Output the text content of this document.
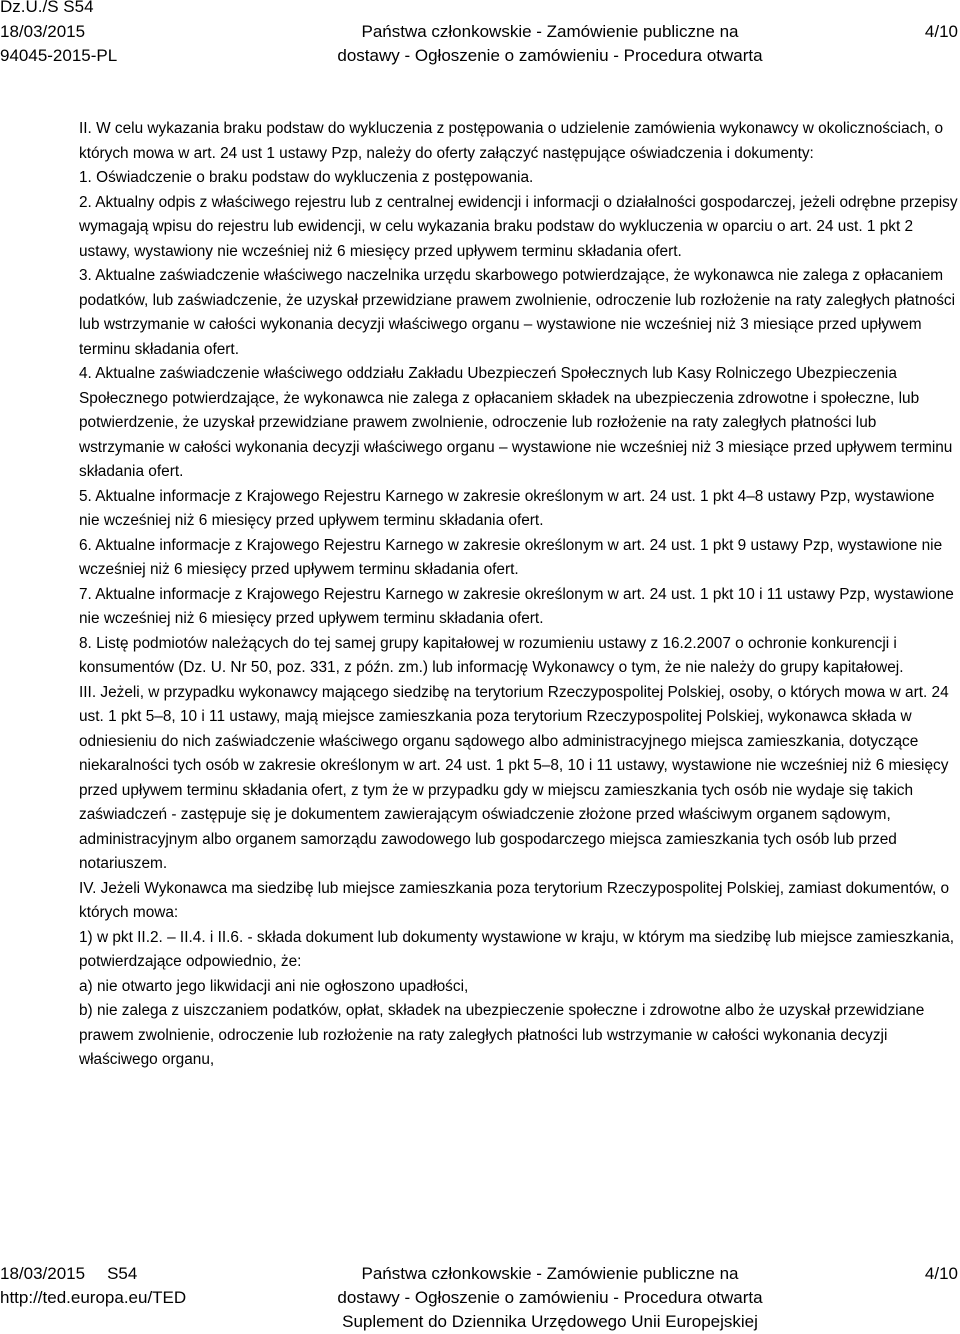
Dz.U./S S54
18/03/2015
94045-2015-PL
Państwa członkowskie - Zamówienie publiczne na
dostawy - Ogłoszenie o zamówieniu - Procedura otwarta
4/10

II. W celu wykazania braku podstaw do wykluczenia z postępowania o udzielenie zamówienia wykonawcy w okolicznościach, o których mowa w art. 24 ust 1 ustawy Pzp, należy do oferty załączyć następujące oświadczenia i dokumenty:

1. Oświadczenie o braku podstaw do wykluczenia z postępowania.

2. Aktualny odpis z właściwego rejestru lub z centralnej ewidencji i informacji o działalności gospodarczej, jeżeli odrębne przepisy wymagają wpisu do rejestru lub ewidencji, w celu wykazania braku podstaw do wykluczenia w oparciu o art. 24 ust. 1 pkt 2 ustawy, wystawiony nie wcześniej niż 6 miesięcy przed upływem terminu składania ofert.

3. Aktualne zaświadczenie właściwego naczelnika urzędu skarbowego potwierdzające, że wykonawca nie zalega z opłacaniem podatków, lub zaświadczenie, że uzyskał przewidziane prawem zwolnienie, odroczenie lub rozłożenie na raty zaległych płatności lub wstrzymanie w całości wykonania decyzji właściwego organu – wystawione nie wcześniej niż 3 miesiące przed upływem terminu składania ofert.

4. Aktualne zaświadczenie właściwego oddziału Zakładu Ubezpieczeń Społecznych lub Kasy Rolniczego Ubezpieczenia Społecznego potwierdzające, że wykonawca nie zalega z opłacaniem składek na ubezpieczenia zdrowotne i społeczne, lub potwierdzenie, że uzyskał przewidziane prawem zwolnienie, odroczenie lub rozłożenie na raty zaległych płatności lub wstrzymanie w całości wykonania decyzji właściwego organu – wystawione nie wcześniej niż 3 miesiące przed upływem terminu składania ofert.

5. Aktualne informacje z Krajowego Rejestru Karnego w zakresie określonym w art. 24 ust. 1 pkt 4–8 ustawy Pzp, wystawione nie wcześniej niż 6 miesięcy przed upływem terminu składania ofert.

6. Aktualne informacje z Krajowego Rejestru Karnego w zakresie określonym w art. 24 ust. 1 pkt 9 ustawy Pzp, wystawione nie wcześniej niż 6 miesięcy przed upływem terminu składania ofert.

7. Aktualne informacje z Krajowego Rejestru Karnego w zakresie określonym w art. 24 ust. 1 pkt 10 i 11 ustawy Pzp, wystawione nie wcześniej niż 6 miesięcy przed upływem terminu składania ofert.

8. Listę podmiotów należących do tej samej grupy kapitałowej w rozumieniu ustawy z 16.2.2007 o ochronie konkurencji i konsumentów (Dz. U. Nr 50, poz. 331, z późn. zm.) lub informację Wykonawcy o tym, że nie należy do grupy kapitałowej.

III. Jeżeli, w przypadku wykonawcy mającego siedzibę na terytorium Rzeczypospolitej Polskiej, osoby, o których mowa w art. 24 ust. 1 pkt 5–8, 10 i 11 ustawy, mają miejsce zamieszkania poza terytorium Rzeczypospolitej Polskiej, wykonawca składa w odniesieniu do nich zaświadczenie właściwego organu sądowego albo administracyjnego miejsca zamieszkania, dotyczące niekaralności tych osób w zakresie określonym w art. 24 ust. 1 pkt 5–8, 10 i 11 ustawy, wystawione nie wcześniej niż 6 miesięcy przed upływem terminu składania ofert, z tym że w przypadku gdy w miejscu zamieszkania tych osób nie wydaje się takich zaświadczeń - zastępuje się je dokumentem zawierającym oświadczenie złożone przed właściwym organem sądowym, administracyjnym albo organem samorządu zawodowego lub gospodarczego miejsca zamieszkania tych osób lub przed notariuszem.

IV. Jeżeli Wykonawca ma siedzibę lub miejsce zamieszkania poza terytorium Rzeczypospolitej Polskiej, zamiast dokumentów, o których mowa:

1) w pkt II.2. – II.4. i II.6. - składa dokument lub dokumenty wystawione w kraju, w którym ma siedzibę lub miejsce zamieszkania, potwierdzające odpowiednio, że:

a) nie otwarto jego likwidacji ani nie ogłoszono upadłości,

b) nie zalega z uiszczaniem podatków, opłat, składek na ubezpieczenie społeczne i zdrowotne albo że uzyskał przewidziane prawem zwolnienie, odroczenie lub rozłożenie na raty zaległych płatności lub wstrzymanie w całości wykonania decyzji właściwego organu,

18/03/2015 S54
http://ted.europa.eu/TED
Państwa członkowskie - Zamówienie publiczne na
dostawy - Ogłoszenie o zamówieniu - Procedura otwarta
Suplement do Dziennika Urzędowego Unii Europejskiej
4/10
